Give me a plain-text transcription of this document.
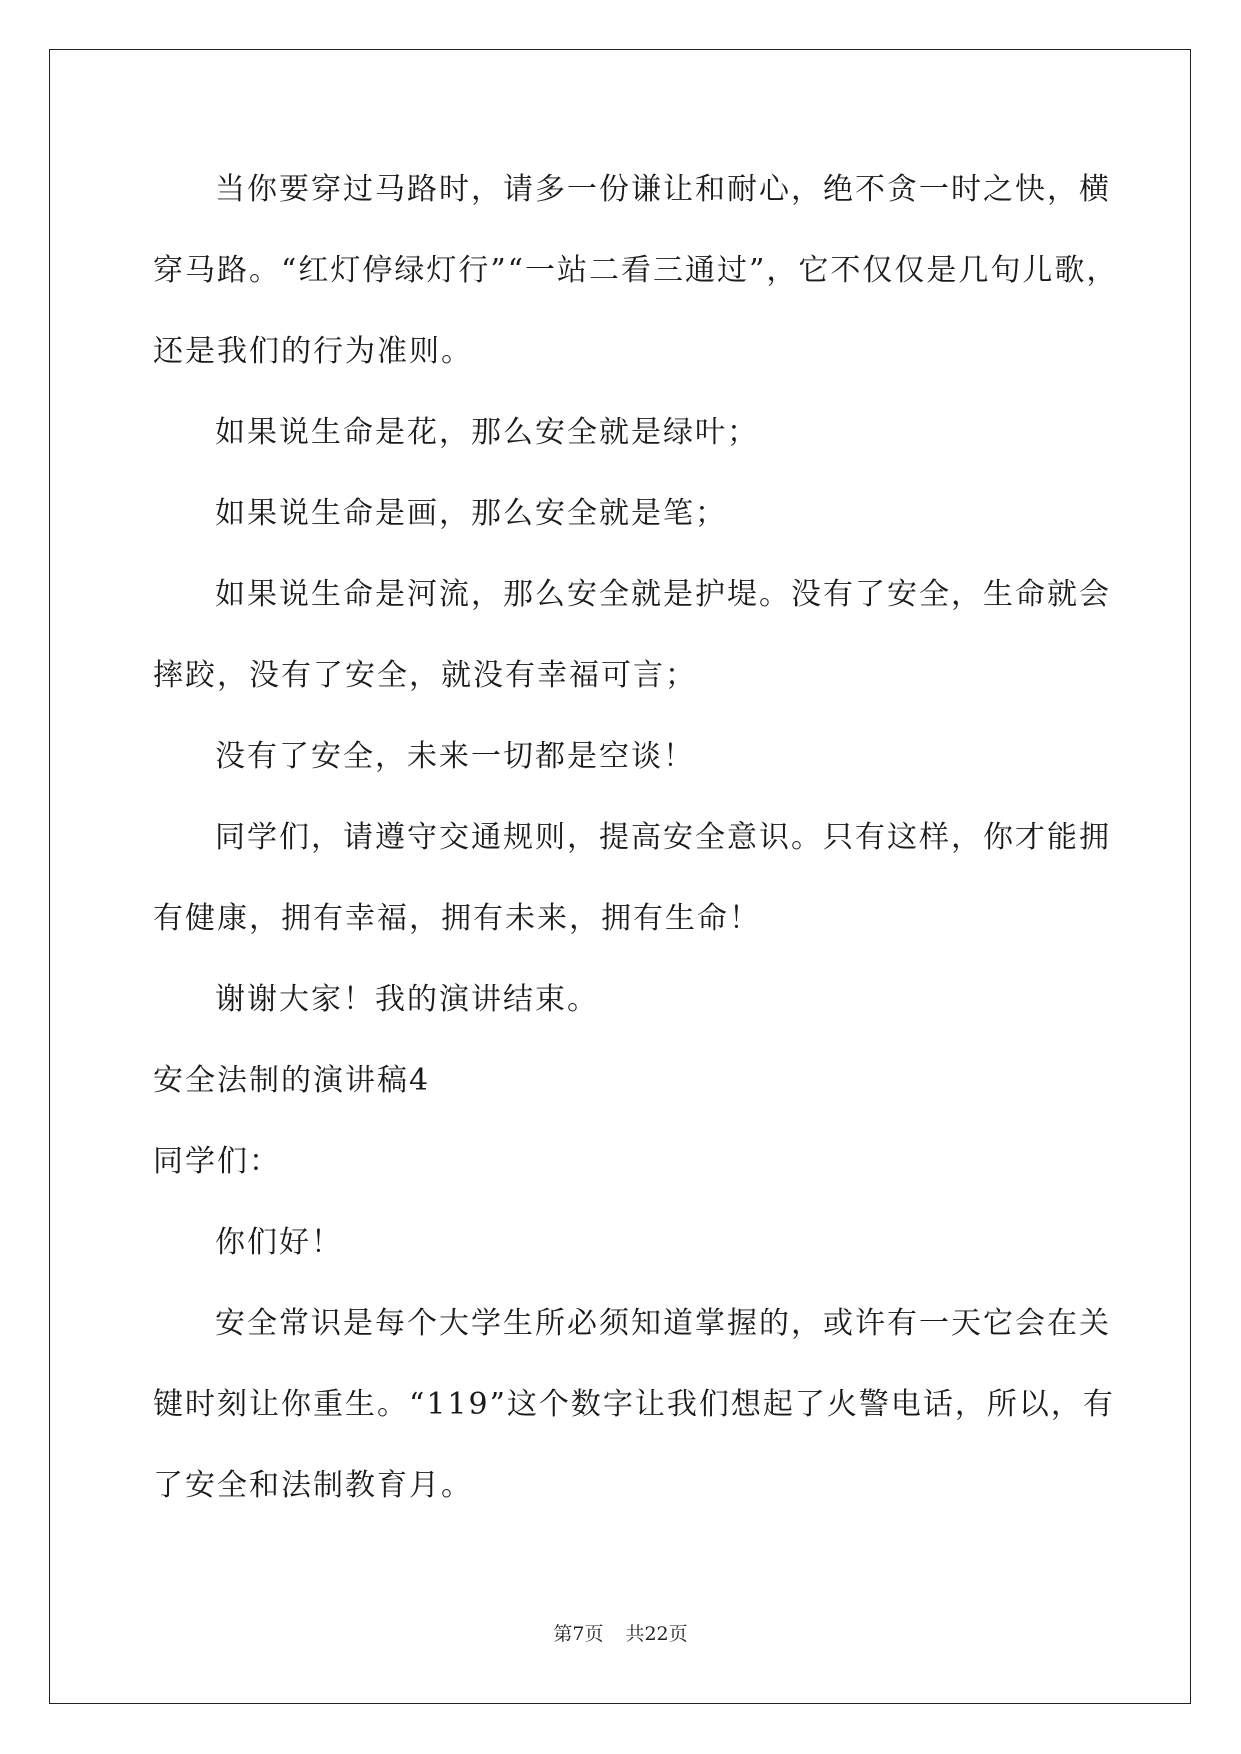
当你要穿过马路时，请多一份谦让和耐心，绝不贪一时之快，横
穿马路。“红灯停绿灯行”“一站二看三通过”，它不仅仅是几句儿歌，
还是我们的行为准则。
如果说生命是花，那么安全就是绿叶；
如果说生命是画，那么安全就是笔；
如果说生命是河流，那么安全就是护堤。没有了安全，生命就会
摔跤，没有了安全，就没有幸福可言；
没有了安全，未来一切都是空谈！
同学们，请遵守交通规则，提高安全意识。只有这样，你才能拥
有健康，拥有幸福，拥有未来，拥有生命！
谢谢大家！我的演讲结束。
安全法制的演讲稿4
同学们：
你们好！
安全常识是每个大学生所必须知道掌握的，或许有一天它会在关
键时刻让你重生。“119”这个数字让我们想起了火警电话，所以，有
了安全和法制教育月。
第7页 共22页
